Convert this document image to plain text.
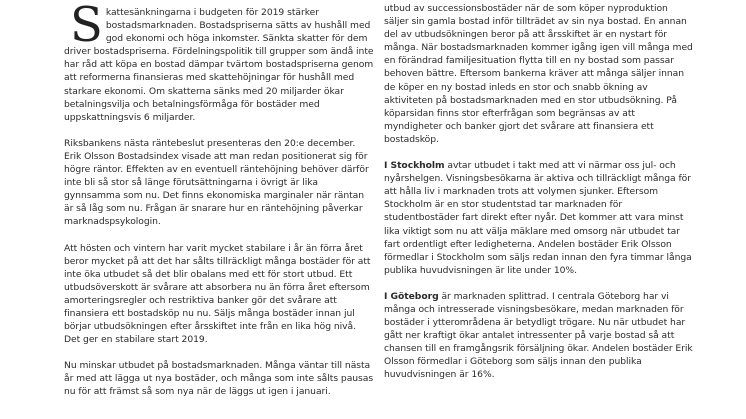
Skattesänkningarna i budgeten för 2019 stärker bostadsmarknaden. Bostadspriserna sätts av hushåll med god ekonomi och höga inkomster. Sänkta skatter för dem driver bostadspriserna. Fördelningspolitik till grupper som ändå inte har råd att köpa en bostad dämpar tvärtom bostadspriserna genom att reformerna finansieras med skattehöjningar för hushåll med starkare ekonomi. Om skatterna sänks med 20 miljarder ökar betalningsvilja och betalningsförmåga för bostäder med uppskattningsvis 6 miljarder.

Riksbankens nästa räntebeslut presenteras den 20:e december. Erik Olsson Bostadsindex visade att man redan positionerat sig för högre räntor. Effekten av en eventuell räntehöjning behöver därför inte bli så stor så länge förutsättningarna i övrigt är lika gynnsamma som nu. Det finns ekonomiska marginaler när räntan är så låg som nu. Frågan är snarare hur en räntehöjning påverkar marknadspsykologin.

Att hösten och vintern har varit mycket stabilare i år än förra året beror mycket på att det har sålts tillräckligt många bostäder för att inte öka utbudet så det blir obalans med ett för stort utbud. Ett utbudsöverskott är svårare att absorbera nu än förra året eftersom amorteringsregler och restriktiva banker gör det svårare att finansiera ett bostadsköp nu nu. Säljs många bostäder innan jul börjar utbudsökningen efter årsskiftet inte från en lika hög nivå. Det ger en stabilare start 2019.

Nu minskar utbudet på bostadsmarknaden. Många väntar till nästa år med att lägga ut nya bostäder, och många som inte sålts pausas nu för att främst så som nya när de läggs ut igen i januari.

utbud av successionsbostäder när de som köper nyproduktion säljer sin gamla bostad inför tillträdet av sin nya bostad. En annan del av utbudsökningen beror på att årsskiftet är en nystart för många. När bostadsmarknaden kommer igång igen vill många med en förändrad familjesituation flytta till en ny bostad som passar behoven bättre. Eftersom bankerna kräver att många säljer innan de köper en ny bostad inleds en stor och snabb ökning av aktiviteten på bostadsmarknaden med en stor utbudsökning. På köparsidan finns stor efterfrågan som begränsas av att myndigheter och banker gjort det svårare att finansiera ett bostadsköp.

I Stockholm avtar utbudet i takt med att vi närmar oss jul- och nyårshelgen. Visningsbesökarna är aktiva och tillräckligt många för att hålla liv i marknaden trots att volymen sjunker. Eftersom Stockholm är en stor studentstad tar marknaden för studentbostäder fart direkt efter nyår. Det kommer att vara minst lika viktigt som nu att välja mäklare med omsorg när utbudet tar fart ordentligt efter ledigheterna. Andelen bostäder Erik Olsson förmedlar i Stockholm som säljs redan innan den fyra timmar långa publika huvudvisningen är lite under 10%.

I Göteborg är marknaden splittrad. I centrala Göteborg har vi många och intresserade visningsbesökare, medan marknaden för bostäder i ytterområdena är betydligt trögare. Nu när utbudet har gått ner kraftigt ökar antalet intressenter på varje bostad så att chansen till en framgångsrik försäljning ökar. Andelen bostäder Erik Olsson förmedlar i Göteborg som säljs innan den publika huvudvisningen är 16%.
